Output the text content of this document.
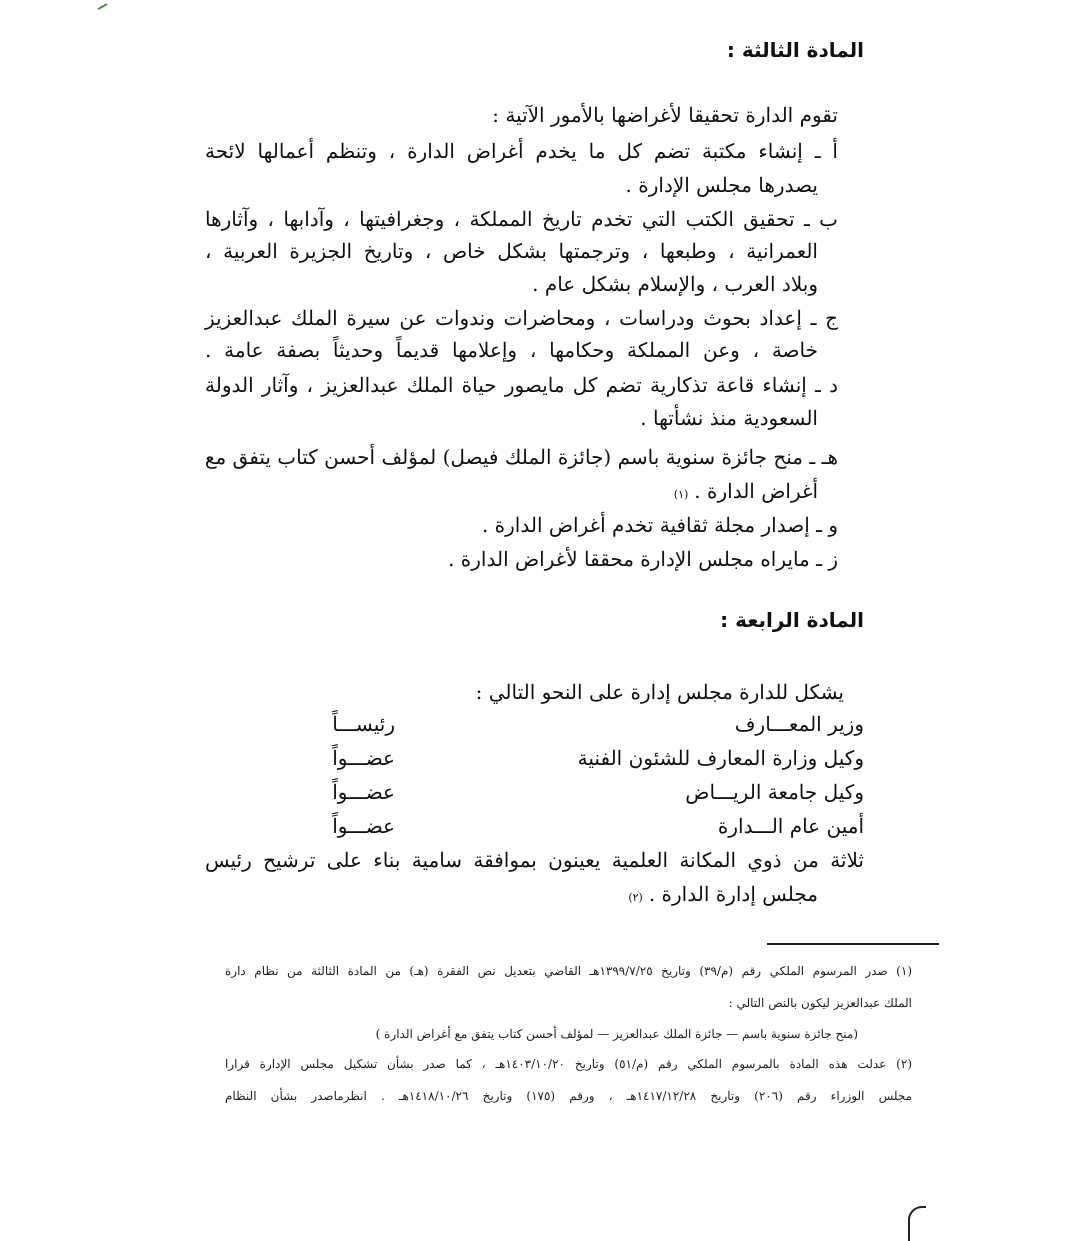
المادة الثالثة :
تقوم الدارة تحقيقا لأغراضها بالأمور الآتية :
أ ـ إنشاء مكتبة تضم كل ما يخدم أغراض الدارة ، وتنظم أعمالها لائحة
يصدرها مجلس الإدارة .
ب ـ تحقيق الكتب التي تخدم تاريخ المملكة ، وجغرافيتها ، وآدابها ، وآثارها
العمرانية ، وطبعها ، وترجمتها بشكل خاص ، وتاريخ الجزيرة العربية ،
وبلاد العرب ، والإسلام بشكل عام .
ج ـ إعداد بحوث ودراسات ، ومحاضرات وندوات عن سيرة الملك عبدالعزيز
خاصة ، وعن المملكة وحكامها ، وإعلامها قديماً وحديثاً بصفة عامة .
د ـ إنشاء قاعة تذكارية تضم كل مايصور حياة الملك عبدالعزيز ، وآثار الدولة
السعودية منذ نشأتها .
هـ ـ منح جائزة سنوية باسم (جائزة الملك فيصل) لمؤلف أحسن كتاب يتفق مع
أغراض الدارة .(١)
و ـ إصدار مجلة ثقافية تخدم أغراض الدارة .
ز ـ مايراه مجلس الإدارة محققا لأغراض الدارة .
المادة الرابعة :
يشكل للدارة مجلس إدارة على النحو التالي :
وزير المعـــارف
رئيســـاً
وكيل وزارة المعارف للشئون الفنية
عضـــواً
وكيل جامعة الريـــاض
عضـــواً
أمين عام الـــدارة
عضـــواً
ثلاثة من ذوي المكانة العلمية يعينون بموافقة سامية بناء على ترشيح رئيس
مجلس إدارة الدارة .(٢)
(١) صدر المرسوم الملكي رقم (م/٣٩) وتاريخ ١٣٩٩/٧/٢٥هـ القاضي بتعديل نص الفقرة (هـ) من المادة الثالثة من نظام دارة
الملك عبدالعزيز ليكون بالنص التالي :
(منح جائزة سنوية باسم — جائزة الملك عبدالعزيز — لمؤلف أحسن كتاب يتفق مع أغراض الدارة )
(٢) عدلت هذه المادة بالمرسوم الملكي رقم (م/٥١) وتاريخ ١٤٠٣/١٠/٢٠هـ ، كما صدر بشأن تشكيل مجلس الإدارة قرارا
مجلس الوزراء رقم (٢٠٦) وتاريخ ١٤١٧/١٢/٢٨هـ ، ورقم (١٧٥) وتاريخ ١٤١٨/١٠/٢٦هـ . انظرماصدر بشأن النظام
